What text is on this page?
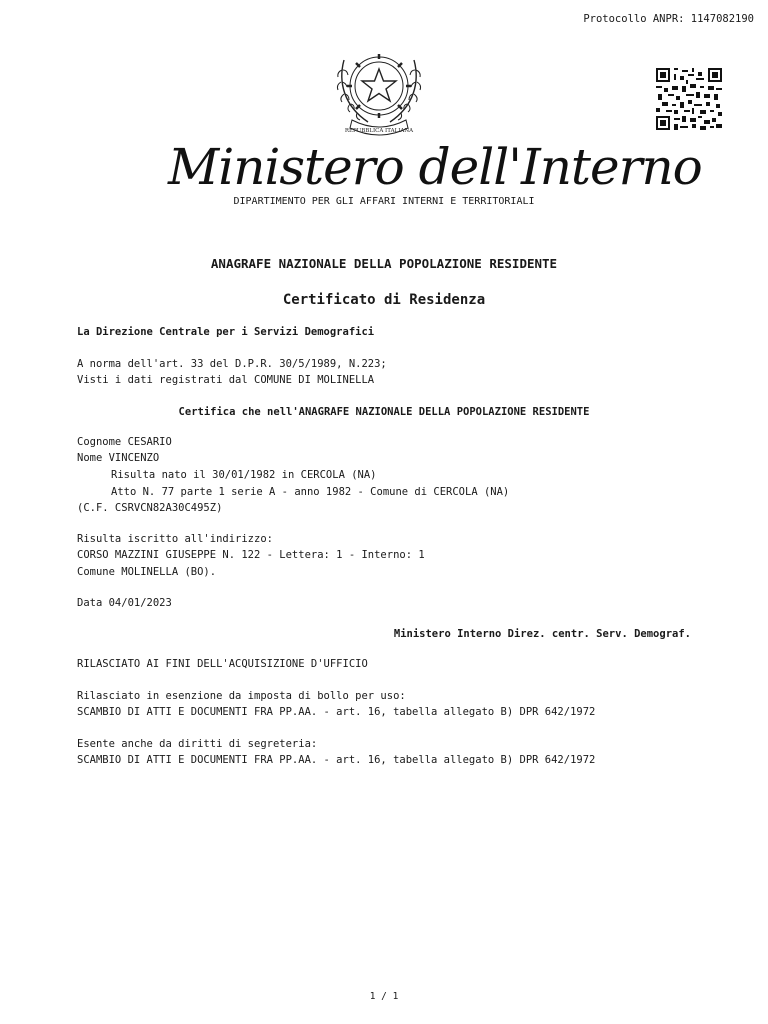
Protocollo ANPR: 1147082190
REPUBBLICA ITALIANA
Ministero dell'Interno
DIPARTIMENTO PER GLI AFFARI INTERNI E TERRITORIALI
ANAGRAFE NAZIONALE DELLA POPOLAZIONE RESIDENTE
Certificato di Residenza
La Direzione Centrale per i Servizi Demografici
A norma dell'art. 33 del D.P.R. 30/5/1989, N.223;
Visti i dati registrati dal COMUNE DI MOLINELLA
Certifica che nell'ANAGRAFE NAZIONALE DELLA POPOLAZIONE RESIDENTE
Cognome CESARIO
Nome VINCENZO
Risulta nato il 30/01/1982 in CERCOLA (NA)
Atto N. 77 parte 1 serie A - anno 1982 - Comune di CERCOLA (NA)
(C.F. CSRVCN82A30C495Z)
Risulta iscritto all'indirizzo:
CORSO MAZZINI GIUSEPPE N. 122 - Lettera: 1 - Interno: 1
Comune MOLINELLA (BO).
Data 04/01/2023
Ministero Interno Direz. centr. Serv. Demograf.
RILASCIATO AI FINI DELL'ACQUISIZIONE D'UFFICIO
Rilasciato in esenzione da imposta di bollo per uso:
SCAMBIO DI ATTI E DOCUMENTI FRA PP.AA. - art. 16, tabella allegato B) DPR 642/1972
Esente anche da diritti di segreteria:
SCAMBIO DI ATTI E DOCUMENTI FRA PP.AA. - art. 16, tabella allegato B) DPR 642/1972
1 / 1
